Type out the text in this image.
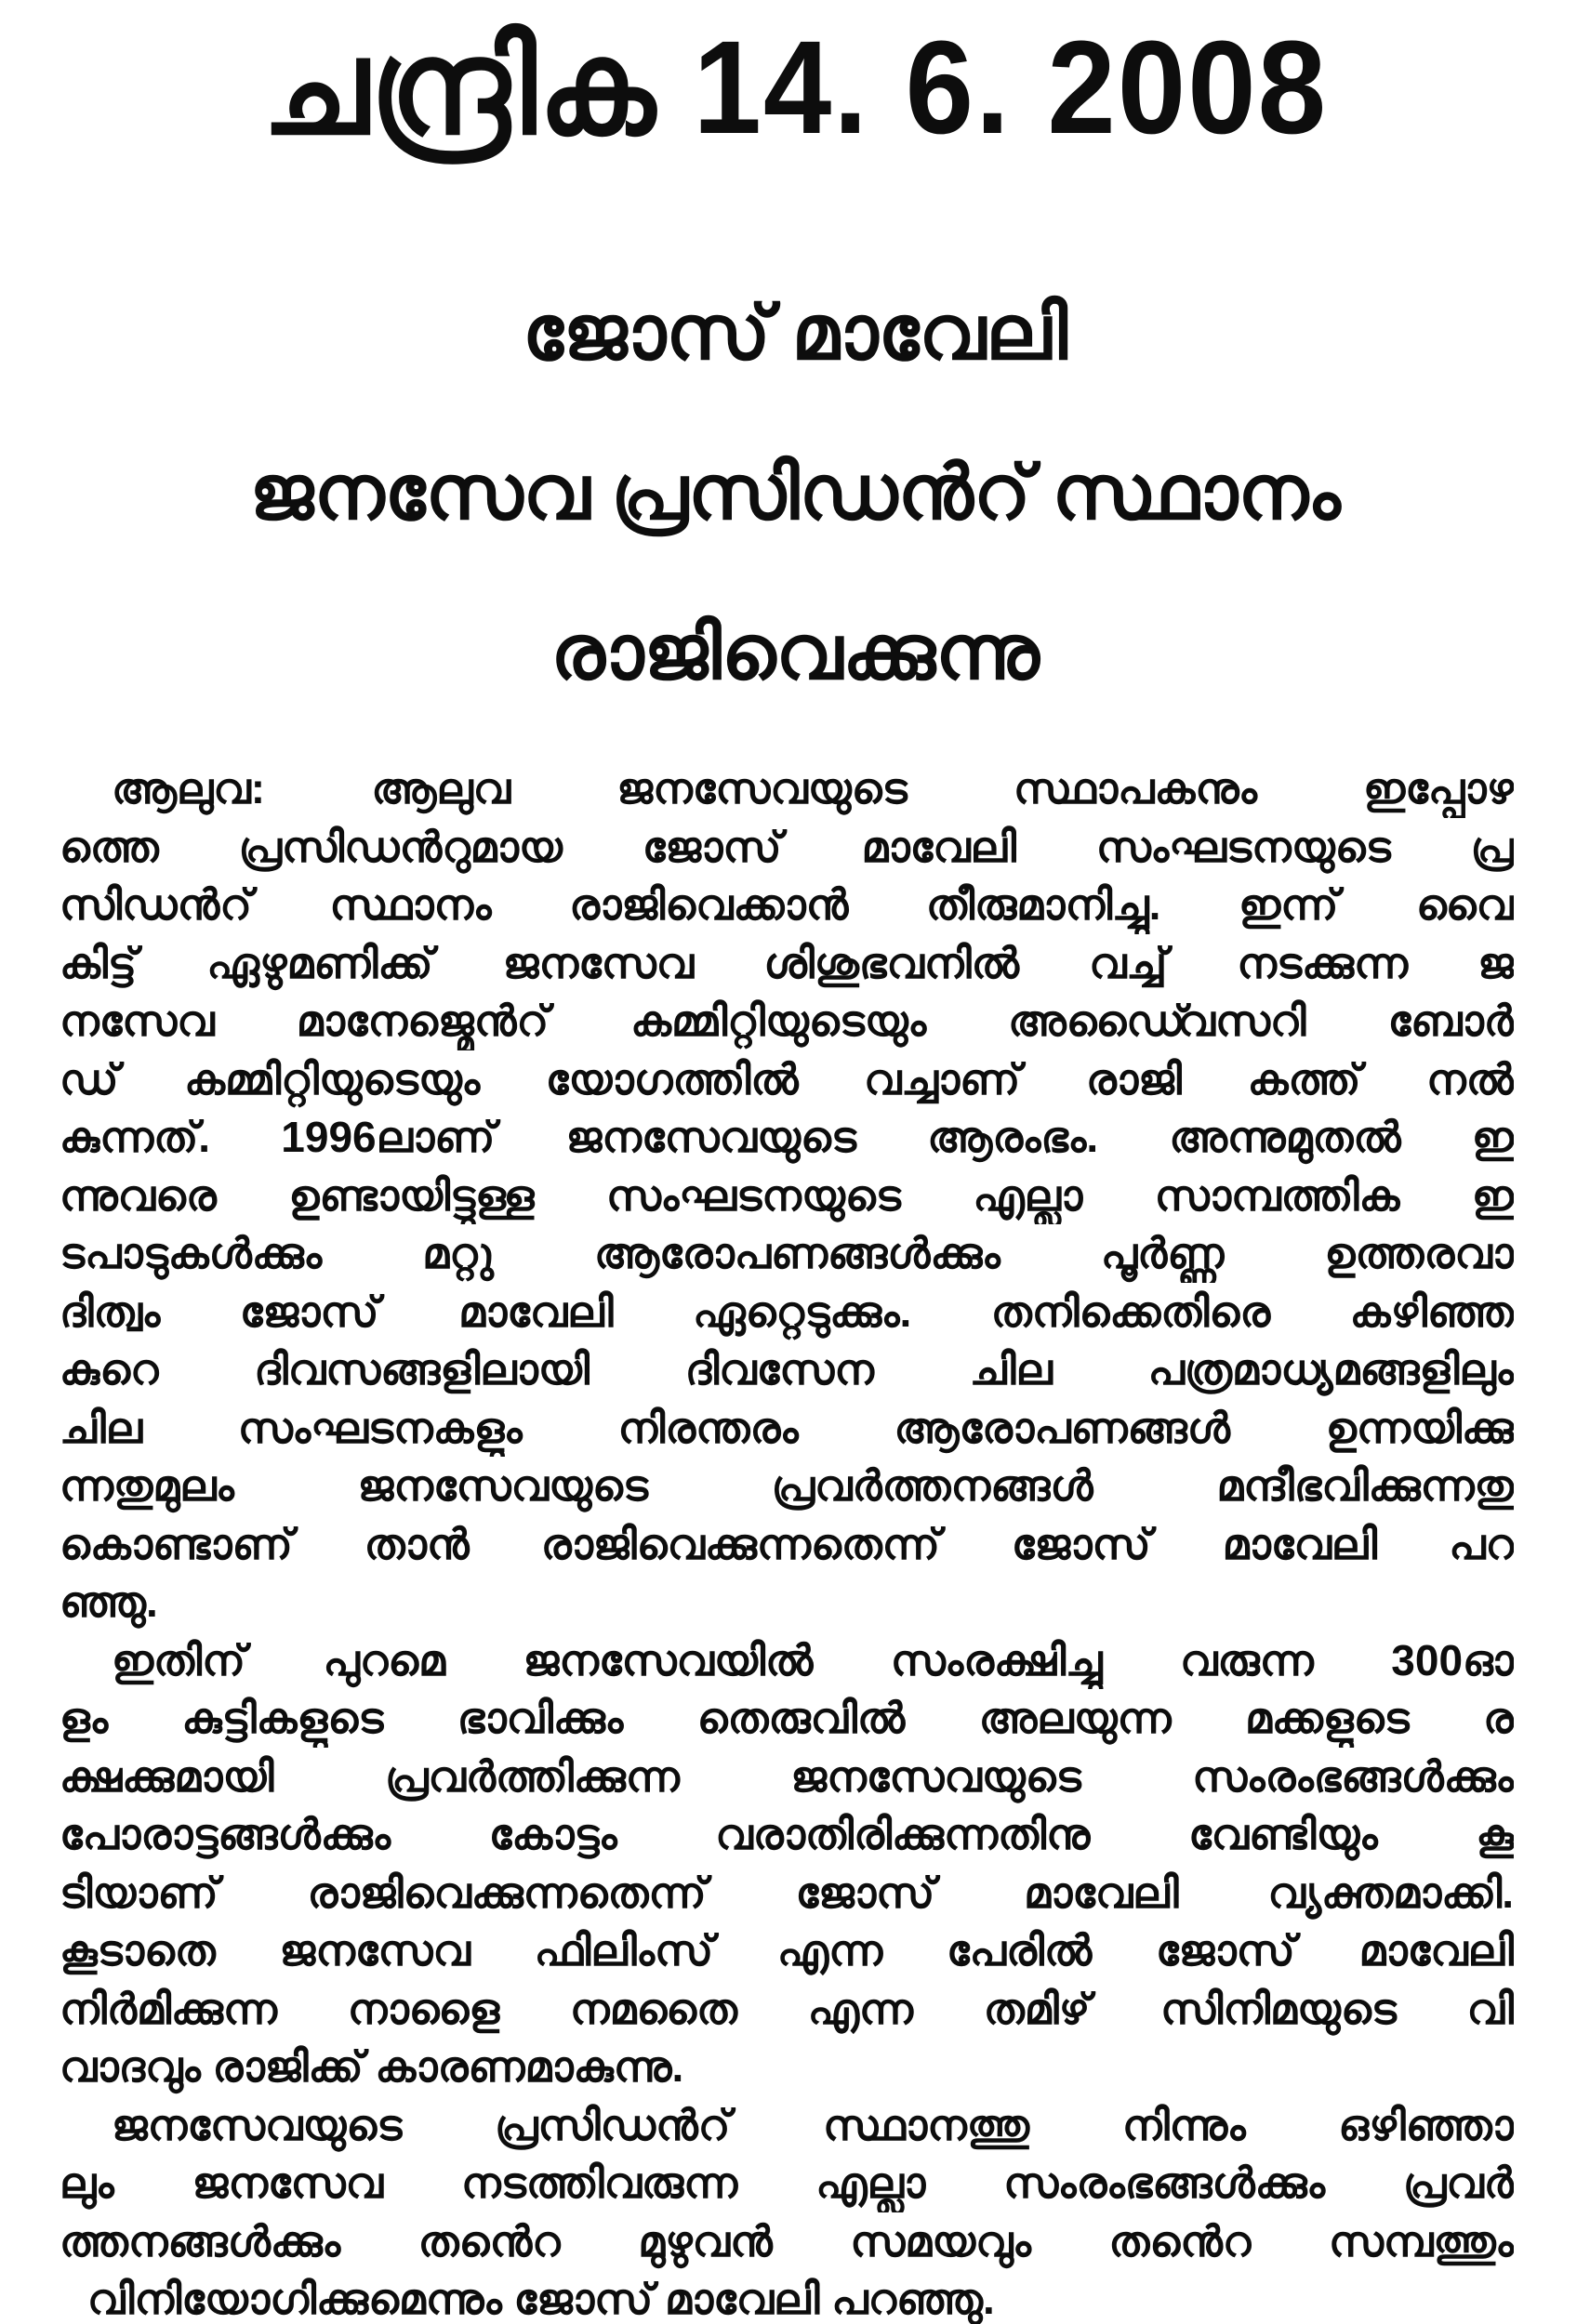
ചന്ദ്രിക 14. 6. 2008
ജോസ് മാവേലി
ജനസേവ പ്രസിഡൻറ് സ്ഥാനം
രാജിവെക്കുന്നു
ആലുവ: ആലുവ ജനസേവയുടെ സ്ഥാപകനും ഇപ്പോഴ
ത്തെ പ്രസിഡൻറുമായ ജോസ് മാവേലി സംഘടനയുടെ പ്ര
സിഡൻറ് സ്ഥാനം രാജിവെക്കാൻ തീരുമാനിച്ചു. ഇന്ന് വൈ
കിട്ട് ഏഴുമണിക്ക് ജനസേവ ശിശുഭവനിൽ വച്ച് നടക്കുന്ന ജ
നസേവ മാനേജ്മെൻറ് കമ്മിറ്റിയുടെയും അഡൈ്വസറി ബോർ
ഡ് കമ്മിറ്റിയുടെയും യോഗത്തിൽ വച്ചാണ് രാജി കത്ത് നൽ
കുന്നത്. 1996ലാണ് ജനസേവയുടെ ആരംഭം. അന്നുമുതൽ ഇ
ന്നുവരെ ഉണ്ടായിട്ടുള്ള സംഘടനയുടെ എല്ലാ സാമ്പത്തിക ഇ
ടപാടുകൾക്കും മറ്റു ആരോപണങ്ങൾക്കും പൂർണ്ണ ഉത്തരവാ
ദിത്വം ജോസ് മാവേലി ഏറ്റെടുക്കും. തനിക്കെതിരെ കഴിഞ്ഞ
കുറെ ദിവസങ്ങളിലായി ദിവസേന ചില പത്രമാധ്യമങ്ങളിലും
ചില സംഘടനകളും നിരന്തരം ആരോപണങ്ങൾ ഉന്നയിക്കു
ന്നതുമുലം ജനസേവയുടെ പ്രവർത്തനങ്ങൾ മന്ദീഭവിക്കുന്നതു
കൊണ്ടാണ് താൻ രാജിവെക്കുന്നതെന്ന് ജോസ് മാവേലി പറ
ഞ്ഞു.
ഇതിന് പുറമെ ജനസേവയിൽ സംരക്ഷിച്ചു വരുന്ന 300ഓ
ളം കുട്ടികളുടെ ഭാവിക്കും തെരുവിൽ അലയുന്ന മക്കളുടെ ര
ക്ഷക്കുമായി പ്രവർത്തിക്കുന്ന ജനസേവയുടെ സംരംഭങ്ങൾക്കും
പോരാട്ടങ്ങൾക്കും കോട്ടം വരാതിരിക്കുന്നതിനു വേണ്ടിയും കൂ
ടിയാണ് രാജിവെക്കുന്നതെന്ന് ജോസ് മാവേലി വ്യക്തമാക്കി.
കൂടാതെ ജനസേവ ഫിലിംസ് എന്ന പേരിൽ ജോസ് മാവേലി
നിർമിക്കുന്ന നാളൈ നമതൈ എന്ന തമിഴ് സിനിമയുടെ വി
വാദവും രാജിക്ക് കാരണമാകുന്നു.
ജനസേവയുടെ പ്രസിഡൻറ് സ്ഥാനത്തു നിന്നും ഒഴിഞ്ഞാ
ലും ജനസേവ നടത്തിവരുന്ന എല്ലാ സംരംഭങ്ങൾക്കും പ്രവർ
ത്തനങ്ങൾക്കും തൻെറ മുഴുവൻ സമയവും തൻെറ സമ്പത്തും
വിനിയോഗിക്കുമെന്നും ജോസ് മാവേലി പറഞ്ഞു.
